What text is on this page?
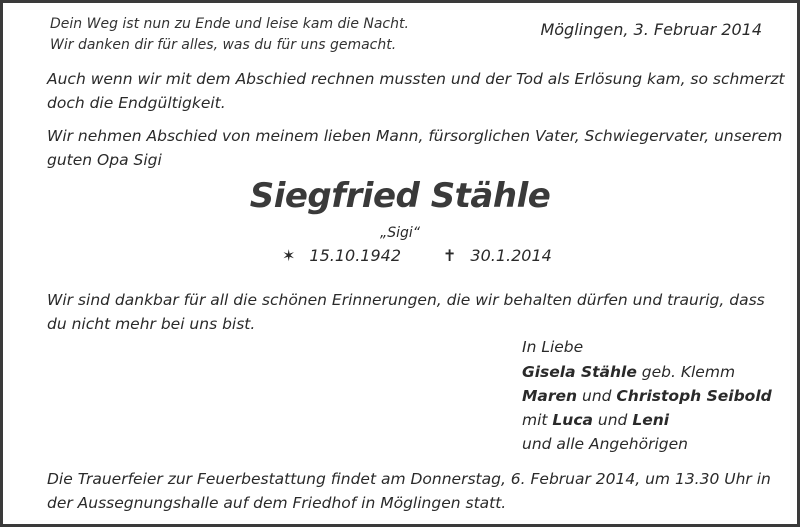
Dein Weg ist nun zu Ende und leise kam die Nacht.

Wir danken dir für alles, was du für uns gemacht.

Möglingen, 3. Februar 2014

Auch wenn wir mit dem Abschied rechnen mussten und der Tod als Erlösung kam, so schmerzt

doch die Endgültigkeit.

Wir nehmen Abschied von meinem lieben Mann, fürsorglichen Vater, Schwiegervater, unserem

guten Opa Sigi

Siegfried Stähle

„Sigi“

✶ 15.10.1942	✝ 30.1.2014

Wir sind dankbar für all die schönen Erinnerungen, die wir behalten dürfen und traurig, dass

du nicht mehr bei uns bist.

In Liebe

Gisela Stähle geb. Klemm

Maren und Christoph Seibold

mit Luca und Leni

und alle Angehörigen

Die Trauerfeier zur Feuerbestattung findet am Donnerstag, 6. Februar 2014, um 13.30 Uhr in

der Aussegnungshalle auf dem Friedhof in Möglingen statt.
